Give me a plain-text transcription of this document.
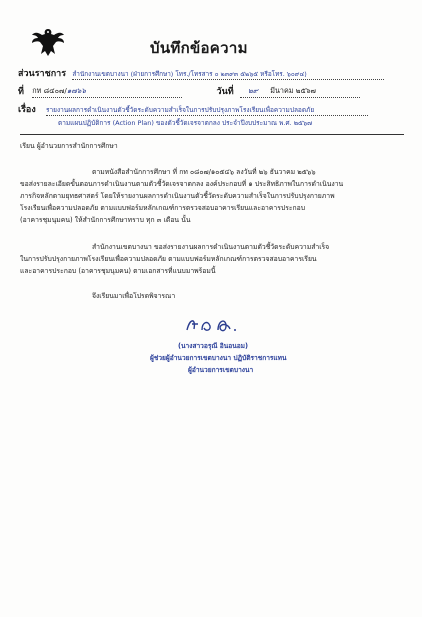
บันทึกข้อความ
ส่วนราชการ สำนักงานเขตบางนา (ฝ่ายการศึกษา) โทร./โทรสาร ๐ ๒๓๙๓ ๕๒๖๕ หรือโทร. ๖๐๙๔)
ที่ กท ๘๔๐๗/๑๗๖๖	วันที่ ๒๙ มีนาคม ๒๕๖๗
เรื่อง รายงานผลการดำเนินงานตัวชี้วัดระดับความสำเร็จในการปรับปรุงภาพโรงเรียนเพื่อความปลอดภัย
ตามแผนปฏิบัติการ (Action Plan) ของตัวชี้วัดเจรจาตกลง ประจำปีงบประมาณ พ.ศ. ๒๕๖๗
เรียน ผู้อำนวยการสำนักการศึกษา
ตามหนังสือสำนักการศึกษา ที่ กท ๐๘๐๗/๑๐๕๔๖ ลงวันที่ ๒๖ ธันวาคม ๒๕๖๖
ขอส่งรายละเอียดขั้นตอนการดำเนินงานตามตัวชี้วัดเจรจาตกลง องค์ประกอบที่ ๑ ประสิทธิภาพในการดำเนินงาน
ภารกิจหลักตามยุทธศาสตร์ โดยให้รายงานผลการดำเนินงานตัวชี้วัดระดับความสำเร็จในการปรับปรุงกายภาพ
โรงเรียนเพื่อความปลอดภัย ตามแบบฟอร์มหลักเกณฑ์การตรวจสอบอาคารเรียนและอาคารประกอบ
(อาคารชุมนุมคน) ให้สำนักการศึกษาทราบ ทุก ๓ เดือน นั้น
สำนักงานเขตบางนา ขอส่งรายงานผลการดำเนินงานตามตัวชี้วัดระดับความสำเร็จ
ในการปรับปรุงกายภาพโรงเรียนเพื่อความปลอดภัย ตามแบบฟอร์มหลักเกณฑ์การตรวจสอบอาคารเรียน
และอาคารประกอบ (อาคารชุมนุมคน) ตามเอกสารที่แนบมาพร้อมนี้
จึงเรียนมาเพื่อโปรดพิจารณา
(นางสาวอรุณี อินอนอม)
ผู้ช่วยผู้อำนวยการเขตบางนา ปฏิบัติราชการแทน
ผู้อำนวยการเขตบางนา
